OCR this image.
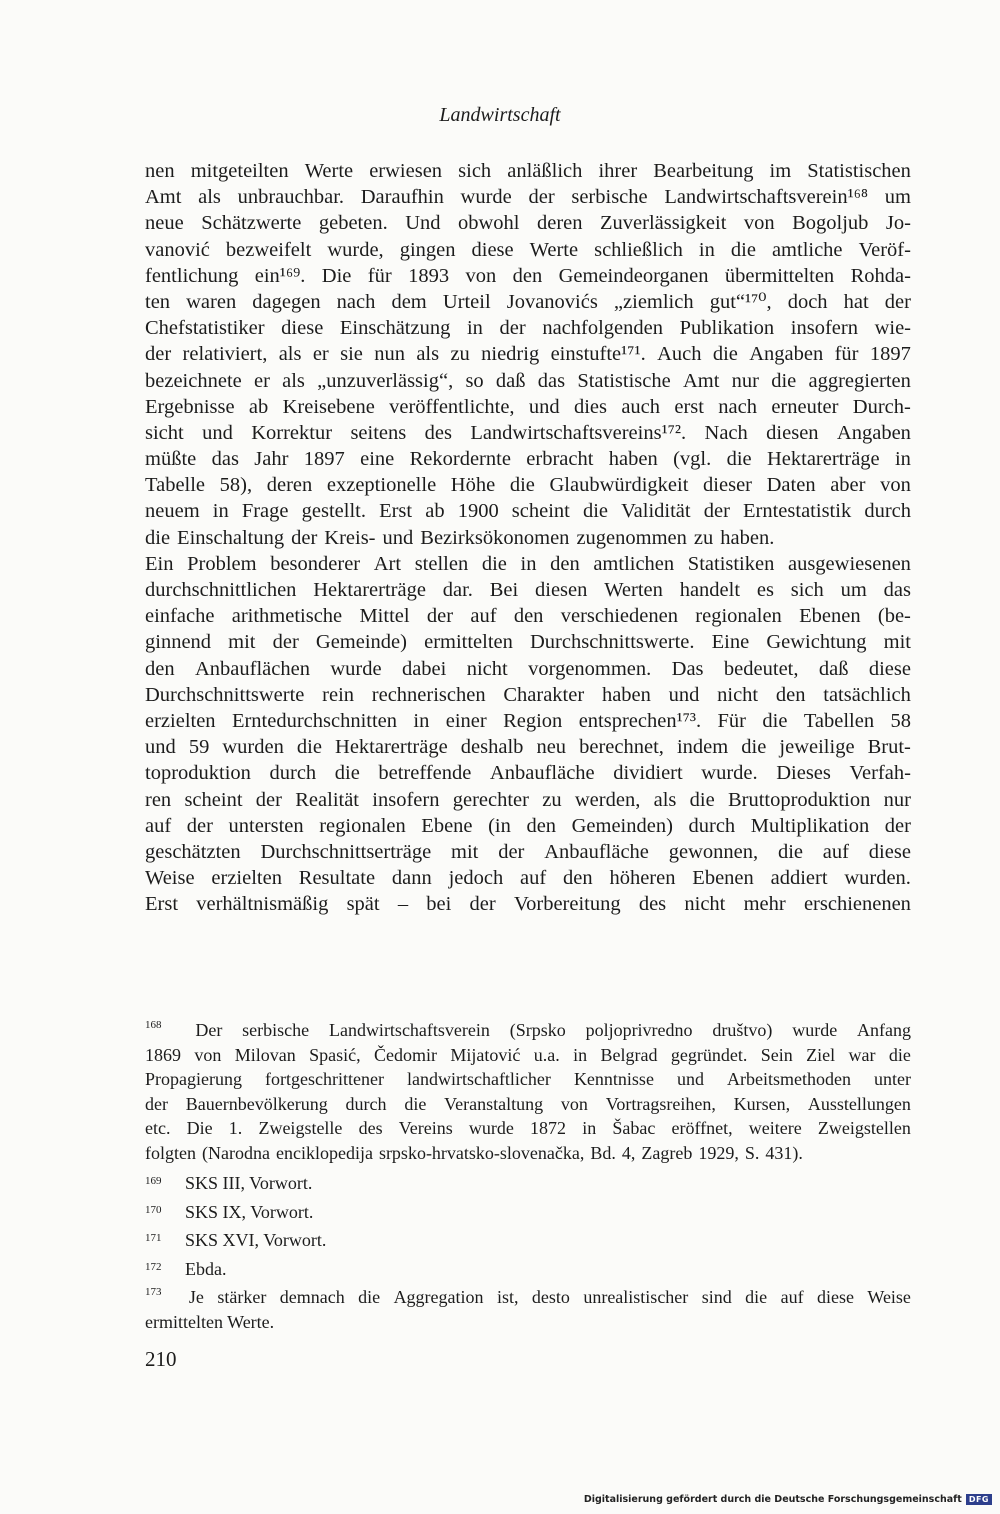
Landwirtschaft
nen mitgeteilten Werte erwiesen sich anläßlich ihrer Bearbeitung im Statistischen
Amt als unbrauchbar. Daraufhin wurde der serbische Landwirtschaftsverein¹⁶⁸ um
neue Schätzwerte gebeten. Und obwohl deren Zuverlässigkeit von Bogoljub Jo-
vanović bezweifelt wurde, gingen diese Werte schließlich in die amtliche Veröf-
fentlichung ein¹⁶⁹. Die für 1893 von den Gemeindeorganen übermittelten Rohda-
ten waren dagegen nach dem Urteil Jovanovićs „ziemlich gut“¹⁷⁰, doch hat der
Chefstatistiker diese Einschätzung in der nachfolgenden Publikation insofern wie-
der relativiert, als er sie nun als zu niedrig einstufte¹⁷¹. Auch die Angaben für 1897
bezeichnete er als „unzuverlässig“, so daß das Statistische Amt nur die aggregierten
Ergebnisse ab Kreisebene veröffentlichte, und dies auch erst nach erneuter Durch-
sicht und Korrektur seitens des Landwirtschaftsvereins¹⁷². Nach diesen Angaben
müßte das Jahr 1897 eine Rekordernte erbracht haben (vgl. die Hektarerträge in
Tabelle 58), deren exzeptionelle Höhe die Glaubwürdigkeit dieser Daten aber von
neuem in Frage gestellt. Erst ab 1900 scheint die Validität der Erntestatistik durch
die Einschaltung der Kreis- und Bezirksökonomen zugenommen zu haben.
Ein Problem besonderer Art stellen die in den amtlichen Statistiken ausgewiesenen
durchschnittlichen Hektarerträge dar. Bei diesen Werten handelt es sich um das
einfache arithmetische Mittel der auf den verschiedenen regionalen Ebenen (be-
ginnend mit der Gemeinde) ermittelten Durchschnittswerte. Eine Gewichtung mit
den Anbauflächen wurde dabei nicht vorgenommen. Das bedeutet, daß diese
Durchschnittswerte rein rechnerischen Charakter haben und nicht den tatsächlich
erzielten Erntedurchschnitten in einer Region entsprechen¹⁷³. Für die Tabellen 58
und 59 wurden die Hektarerträge deshalb neu berechnet, indem die jeweilige Brut-
toproduktion durch die betreffende Anbaufläche dividiert wurde. Dieses Verfah-
ren scheint der Realität insofern gerechter zu werden, als die Bruttoproduktion nur
auf der untersten regionalen Ebene (in den Gemeinden) durch Multiplikation der
geschätzten Durchschnittserträge mit der Anbaufläche gewonnen, die auf diese
Weise erzielten Resultate dann jedoch auf den höheren Ebenen addiert wurden.
Erst verhältnismäßig spät – bei der Vorbereitung des nicht mehr erschienenen
168 Der serbische Landwirtschaftsverein (Srpsko poljoprivredno društvo) wurde Anfang
1869 von Milovan Spasić, Čedomir Mijatović u.a. in Belgrad gegründet. Sein Ziel war die
Propagierung fortgeschrittener landwirtschaftlicher Kenntnisse und Arbeitsmethoden unter
der Bauernbevölkerung durch die Veranstaltung von Vortragsreihen, Kursen, Ausstellungen
etc. Die 1. Zweigstelle des Vereins wurde 1872 in Šabac eröffnet, weitere Zweigstellen
folgten (Narodna enciklopedija srpsko-hrvatsko-slovenačka, Bd. 4, Zagreb 1929, S. 431).
169 SKS III, Vorwort.
170 SKS IX, Vorwort.
171 SKS XVI, Vorwort.
172 Ebda.
173 Je stärker demnach die Aggregation ist, desto unrealistischer sind die auf diese Weise
ermittelten Werte.
210
Digitalisierung gefördert durch die Deutsche Forschungsgemeinschaft DFG
